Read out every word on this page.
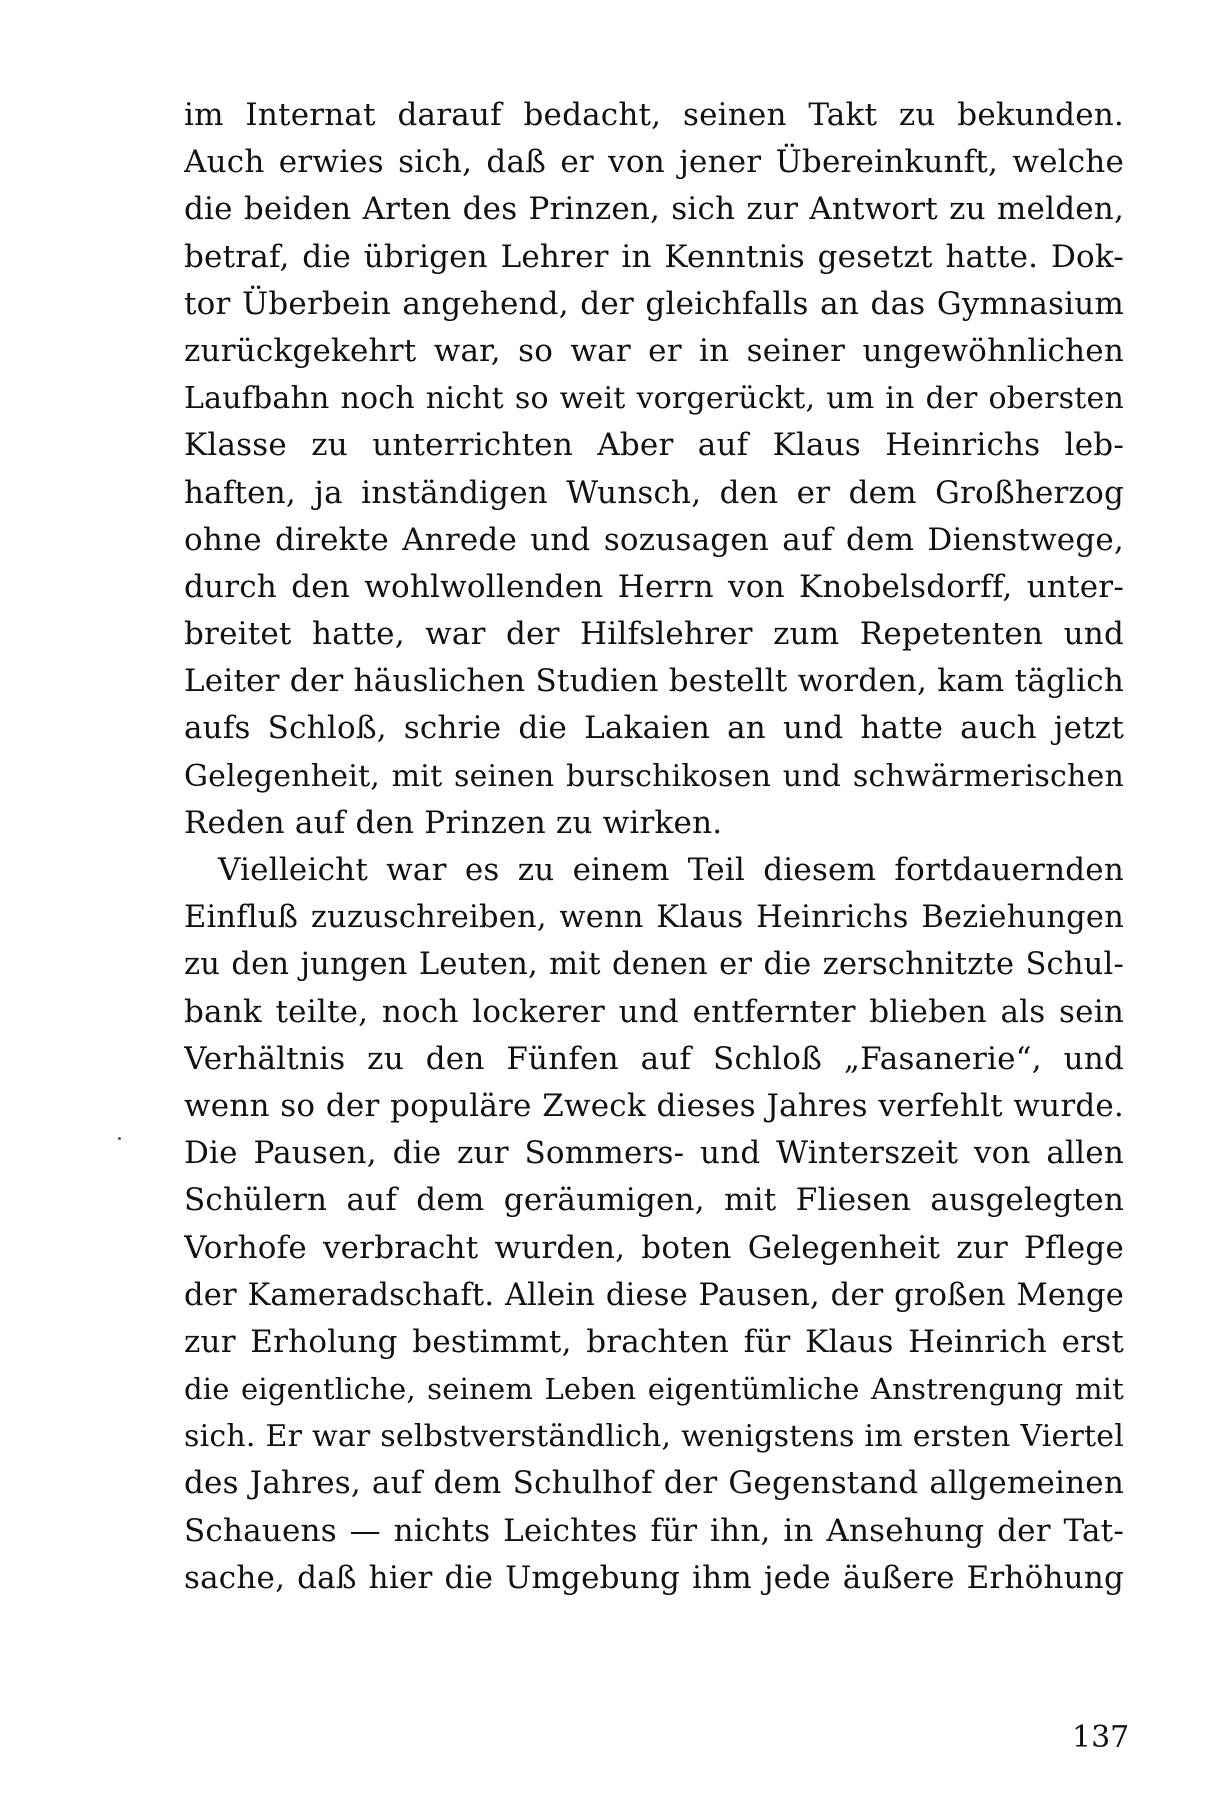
im Internat darauf bedacht, seinen Takt zu bekunden.
Auch erwies sich, daß er von jener Übereinkunft, welche
die beiden Arten des Prinzen, sich zur Antwort zu melden,
betraf, die übrigen Lehrer in Kenntnis gesetzt hatte. Dok-
tor Überbein angehend, der gleichfalls an das Gymnasium
zurückgekehrt war, so war er in seiner ungewöhnlichen
Laufbahn noch nicht so weit vorgerückt, um in der obersten
Klasse zu unterrichten Aber auf Klaus Heinrichs leb-
haften, ja inständigen Wunsch, den er dem Großherzog
ohne direkte Anrede und sozusagen auf dem Dienstwege,
durch den wohlwollenden Herrn von Knobelsdorff, unter-
breitet hatte, war der Hilfslehrer zum Repetenten und
Leiter der häuslichen Studien bestellt worden, kam täglich
aufs Schloß, schrie die Lakaien an und hatte auch jetzt
Gelegenheit, mit seinen burschikosen und schwärmerischen
Reden auf den Prinzen zu wirken.
Vielleicht war es zu einem Teil diesem fortdauernden
Einfluß zuzuschreiben, wenn Klaus Heinrichs Beziehungen
zu den jungen Leuten, mit denen er die zerschnitzte Schul-
bank teilte, noch lockerer und entfernter blieben als sein
Verhältnis zu den Fünfen auf Schloß „Fasanerie“, und
wenn so der populäre Zweck dieses Jahres verfehlt wurde.
Die Pausen, die zur Sommers- und Winterszeit von allen
Schülern auf dem geräumigen, mit Fliesen ausgelegten
Vorhofe verbracht wurden, boten Gelegenheit zur Pflege
der Kameradschaft. Allein diese Pausen, der großen Menge
zur Erholung bestimmt, brachten für Klaus Heinrich erst
die eigentliche, seinem Leben eigentümliche Anstrengung mit
sich. Er war selbstverständlich, wenigstens im ersten Viertel
des Jahres, auf dem Schulhof der Gegenstand allgemeinen
Schauens — nichts Leichtes für ihn, in Ansehung der Tat-
sache, daß hier die Umgebung ihm jede äußere Erhöhung
137
